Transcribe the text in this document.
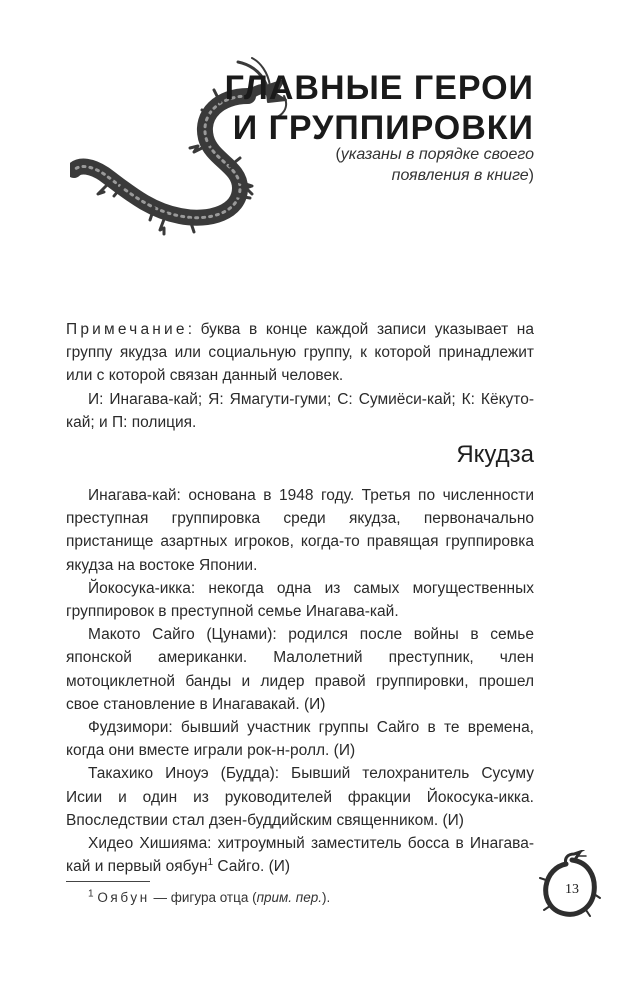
ГЛАВНЫЕ ГЕРОИ
И ГРУППИРОВКИ
(указаны в порядке своего
появления в книге)

Примечание: буква в конце каждой записи указывает на группу якудза или социальную группу, к которой принадлежит или с которой связан данный человек.

И: Инагава-кай; Я: Ямагути-гуми; С: Сумиёси-кай; К: Кёкуто-кай; и П: полиция.

Якудза

Инагава-кай: основана в 1948 году. Третья по численности преступная группировка среди якудза, первоначально пристанище азартных игроков, когда-то правящая группировка якудза на востоке Японии.

Йокосука-икка: некогда одна из самых могущественных группировок в преступной семье Инагава-кай.

Макото Сайго (Цунами): родился после войны в семье японской американки. Малолетний преступник, член мотоциклетной банды и лидер правой группировки, прошел свое становление в Инагавакай. (И)

Фудзимори: бывший участник группы Сайго в те времена, когда они вместе играли рок-н-ролл. (И)

Такахико Иноуэ (Будда): Бывший телохранитель Сусуму Исии и один из руководителей фракции Йокосука-икка. Впоследствии стал дзен-буддийским священником. (И)

Хидео Хишияма: хитроумный заместитель босса в Инагава-кай и первый оябун$^1$ Сайго. (И)

$^1$ Оябун — фигура отца (прим. пер.).
13
